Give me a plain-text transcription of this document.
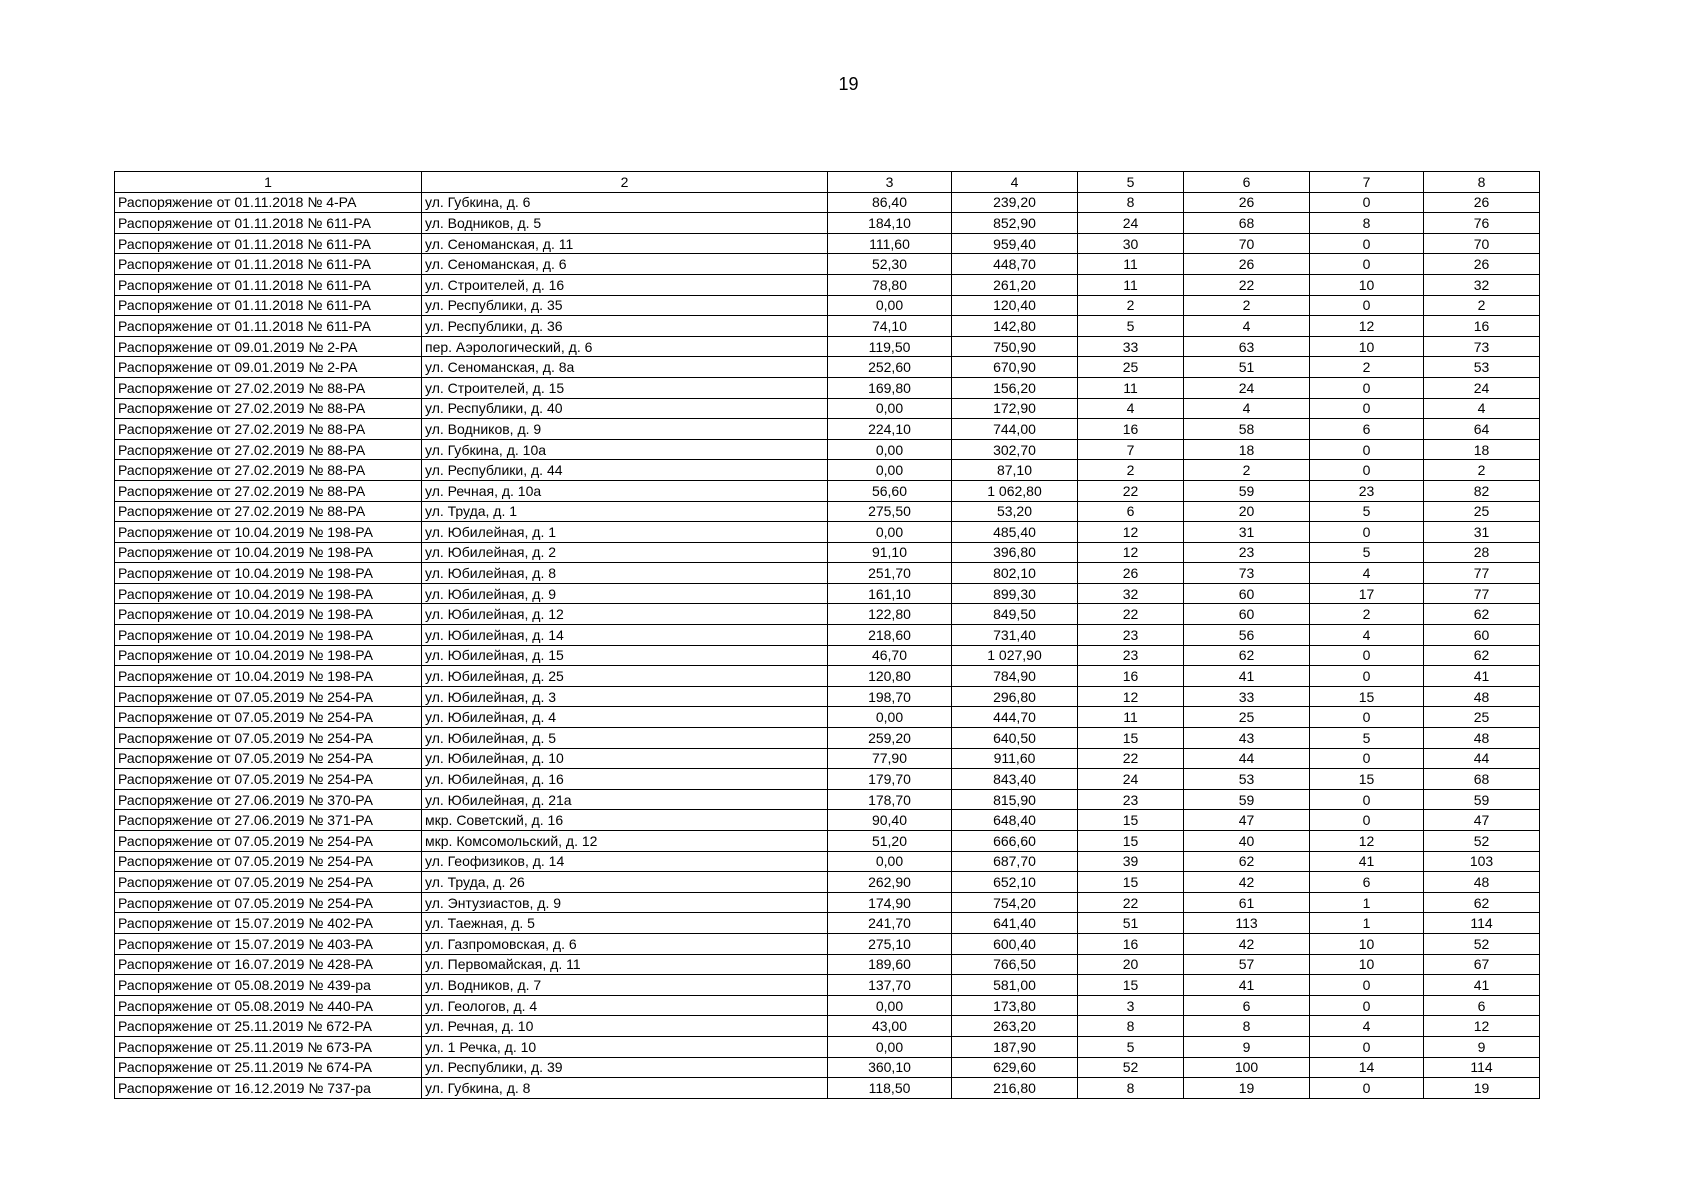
19
1	2	3	4	5	6	7	8
Распоряжение от 01.11.2018 № 4-РА	ул. Губкина, д. 6	86,40	239,20	8	26	0	26
Распоряжение от 01.11.2018 № 611-РА	ул. Водников, д. 5	184,10	852,90	24	68	8	76
Распоряжение от 01.11.2018 № 611-РА	ул. Сеноманская, д. 11	111,60	959,40	30	70	0	70
Распоряжение от 01.11.2018 № 611-РА	ул. Сеноманская, д. 6	52,30	448,70	11	26	0	26
Распоряжение от 01.11.2018 № 611-РА	ул. Строителей, д. 16	78,80	261,20	11	22	10	32
Распоряжение от 01.11.2018 № 611-РА	ул. Республики, д. 35	0,00	120,40	2	2	0	2
Распоряжение от 01.11.2018 № 611-РА	ул. Республики, д. 36	74,10	142,80	5	4	12	16
Распоряжение от 09.01.2019 № 2-РА	пер. Аэрологический, д. 6	119,50	750,90	33	63	10	73
Распоряжение от 09.01.2019 № 2-РА	ул. Сеноманская, д. 8а	252,60	670,90	25	51	2	53
Распоряжение от 27.02.2019 № 88-РА	ул. Строителей, д. 15	169,80	156,20	11	24	0	24
Распоряжение от 27.02.2019 № 88-РА	ул. Республики, д. 40	0,00	172,90	4	4	0	4
Распоряжение от 27.02.2019 № 88-РА	ул. Водников, д. 9	224,10	744,00	16	58	6	64
Распоряжение от 27.02.2019 № 88-РА	ул. Губкина, д. 10а	0,00	302,70	7	18	0	18
Распоряжение от 27.02.2019 № 88-РА	ул. Республики, д. 44	0,00	87,10	2	2	0	2
Распоряжение от 27.02.2019 № 88-РА	ул. Речная, д. 10а	56,60	1 062,80	22	59	23	82
Распоряжение от 27.02.2019 № 88-РА	ул. Труда, д. 1	275,50	53,20	6	20	5	25
Распоряжение от 10.04.2019 № 198-РА	ул. Юбилейная, д. 1	0,00	485,40	12	31	0	31
Распоряжение от 10.04.2019 № 198-РА	ул. Юбилейная, д. 2	91,10	396,80	12	23	5	28
Распоряжение от 10.04.2019 № 198-РА	ул. Юбилейная, д. 8	251,70	802,10	26	73	4	77
Распоряжение от 10.04.2019 № 198-РА	ул. Юбилейная, д. 9	161,10	899,30	32	60	17	77
Распоряжение от 10.04.2019 № 198-РА	ул. Юбилейная, д. 12	122,80	849,50	22	60	2	62
Распоряжение от 10.04.2019 № 198-РА	ул. Юбилейная, д. 14	218,60	731,40	23	56	4	60
Распоряжение от 10.04.2019 № 198-РА	ул. Юбилейная, д. 15	46,70	1 027,90	23	62	0	62
Распоряжение от 10.04.2019 № 198-РА	ул. Юбилейная, д. 25	120,80	784,90	16	41	0	41
Распоряжение от 07.05.2019 № 254-РА	ул. Юбилейная, д. 3	198,70	296,80	12	33	15	48
Распоряжение от 07.05.2019 № 254-РА	ул. Юбилейная, д. 4	0,00	444,70	11	25	0	25
Распоряжение от 07.05.2019 № 254-РА	ул. Юбилейная, д. 5	259,20	640,50	15	43	5	48
Распоряжение от 07.05.2019 № 254-РА	ул. Юбилейная, д. 10	77,90	911,60	22	44	0	44
Распоряжение от 07.05.2019 № 254-РА	ул. Юбилейная, д. 16	179,70	843,40	24	53	15	68
Распоряжение от 27.06.2019 № 370-РА	ул. Юбилейная, д. 21а	178,70	815,90	23	59	0	59
Распоряжение от 27.06.2019 № 371-РА	мкр. Советский, д. 16	90,40	648,40	15	47	0	47
Распоряжение от 07.05.2019 № 254-РА	мкр. Комсомольский, д. 12	51,20	666,60	15	40	12	52
Распоряжение от 07.05.2019 № 254-РА	ул. Геофизиков, д. 14	0,00	687,70	39	62	41	103
Распоряжение от 07.05.2019 № 254-РА	ул. Труда, д. 26	262,90	652,10	15	42	6	48
Распоряжение от 07.05.2019 № 254-РА	ул. Энтузиастов, д. 9	174,90	754,20	22	61	1	62
Распоряжение от 15.07.2019 № 402-РА	ул. Таежная, д. 5	241,70	641,40	51	113	1	114
Распоряжение от 15.07.2019 № 403-РА	ул. Газпромовская, д. 6	275,10	600,40	16	42	10	52
Распоряжение от 16.07.2019 № 428-РА	ул. Первомайская, д. 11	189,60	766,50	20	57	10	67
Распоряжение от 05.08.2019 № 439-ра	ул. Водников, д. 7	137,70	581,00	15	41	0	41
Распоряжение от 05.08.2019 № 440-РА	ул. Геологов, д. 4	0,00	173,80	3	6	0	6
Распоряжение от 25.11.2019 № 672-РА	ул. Речная, д. 10	43,00	263,20	8	8	4	12
Распоряжение от 25.11.2019 № 673-РА	ул. 1 Речка, д. 10	0,00	187,90	5	9	0	9
Распоряжение от 25.11.2019 № 674-РА	ул. Республики, д. 39	360,10	629,60	52	100	14	114
Распоряжение от 16.12.2019 № 737-ра	ул. Губкина, д. 8	118,50	216,80	8	19	0	19
